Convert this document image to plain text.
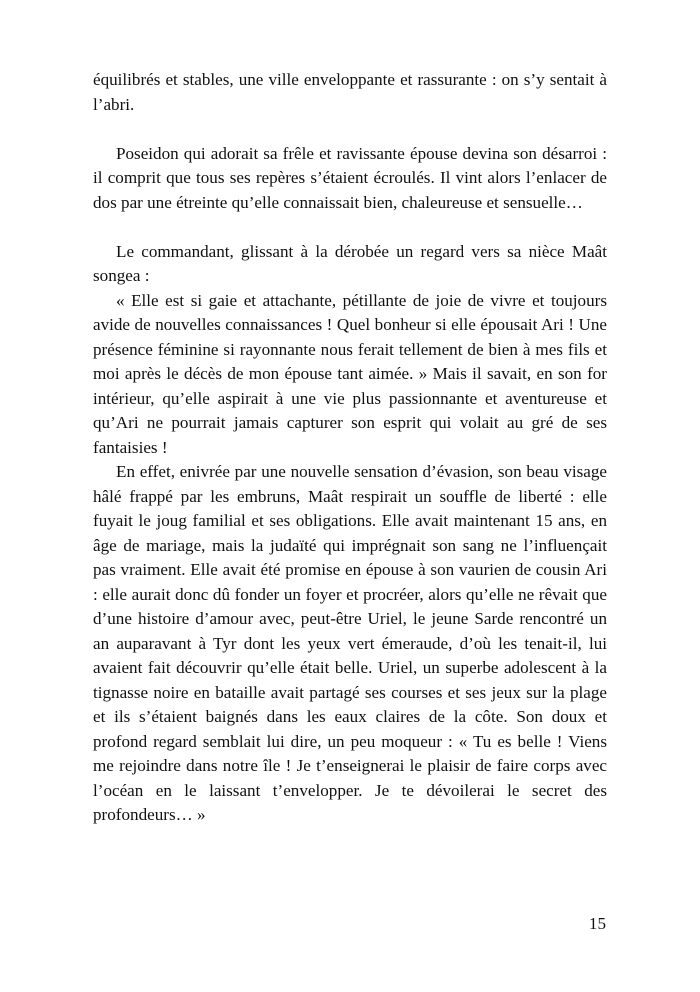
équilibrés et stables, une ville enveloppante et rassurante : on s’y sentait à l’abri.

Poseidon qui adorait sa frêle et ravissante épouse devina son désarroi : il comprit que tous ses repères s’étaient écroulés. Il vint alors l’enlacer de dos par une étreinte qu’elle connaissait bien, chaleureuse et sensuelle…

Le commandant, glissant à la dérobée un regard vers sa nièce Maât songea :

« Elle est si gaie et attachante, pétillante de joie de vivre et toujours avide de nouvelles connaissances ! Quel bonheur si elle épousait Ari ! Une présence féminine si rayonnante nous ferait tellement de bien à mes fils et moi après le décès de mon épouse tant aimée. » Mais il savait, en son for intérieur, qu’elle aspirait à une vie plus passionnante et aventureuse et qu’Ari ne pourrait jamais capturer son esprit qui volait au gré de ses fantaisies !

En effet, enivrée par une nouvelle sensation d’évasion, son beau visage hâlé frappé par les embruns, Maât respirait un souffle de liberté : elle fuyait le joug familial et ses obligations. Elle avait maintenant 15 ans, en âge de mariage, mais la judaïté qui imprégnait son sang ne l’influençait pas vraiment. Elle avait été promise en épouse à son vaurien de cousin Ari : elle aurait donc dû fonder un foyer et procréer, alors qu’elle ne rêvait que d’une histoire d’amour avec, peut-être Uriel, le jeune Sarde rencontré un an auparavant à Tyr dont les yeux vert émeraude, d’où les tenait-il, lui avaient fait découvrir qu’elle était belle. Uriel, un superbe adolescent à la tignasse noire en bataille avait partagé ses courses et ses jeux sur la plage et ils s’étaient baignés dans les eaux claires de la côte. Son doux et profond regard semblait lui dire, un peu moqueur : « Tu es belle ! Viens me rejoindre dans notre île ! Je t’enseignerai le plaisir de faire corps avec l’océan en le laissant t’envelopper. Je te dévoilerai le secret des profondeurs… »

15
